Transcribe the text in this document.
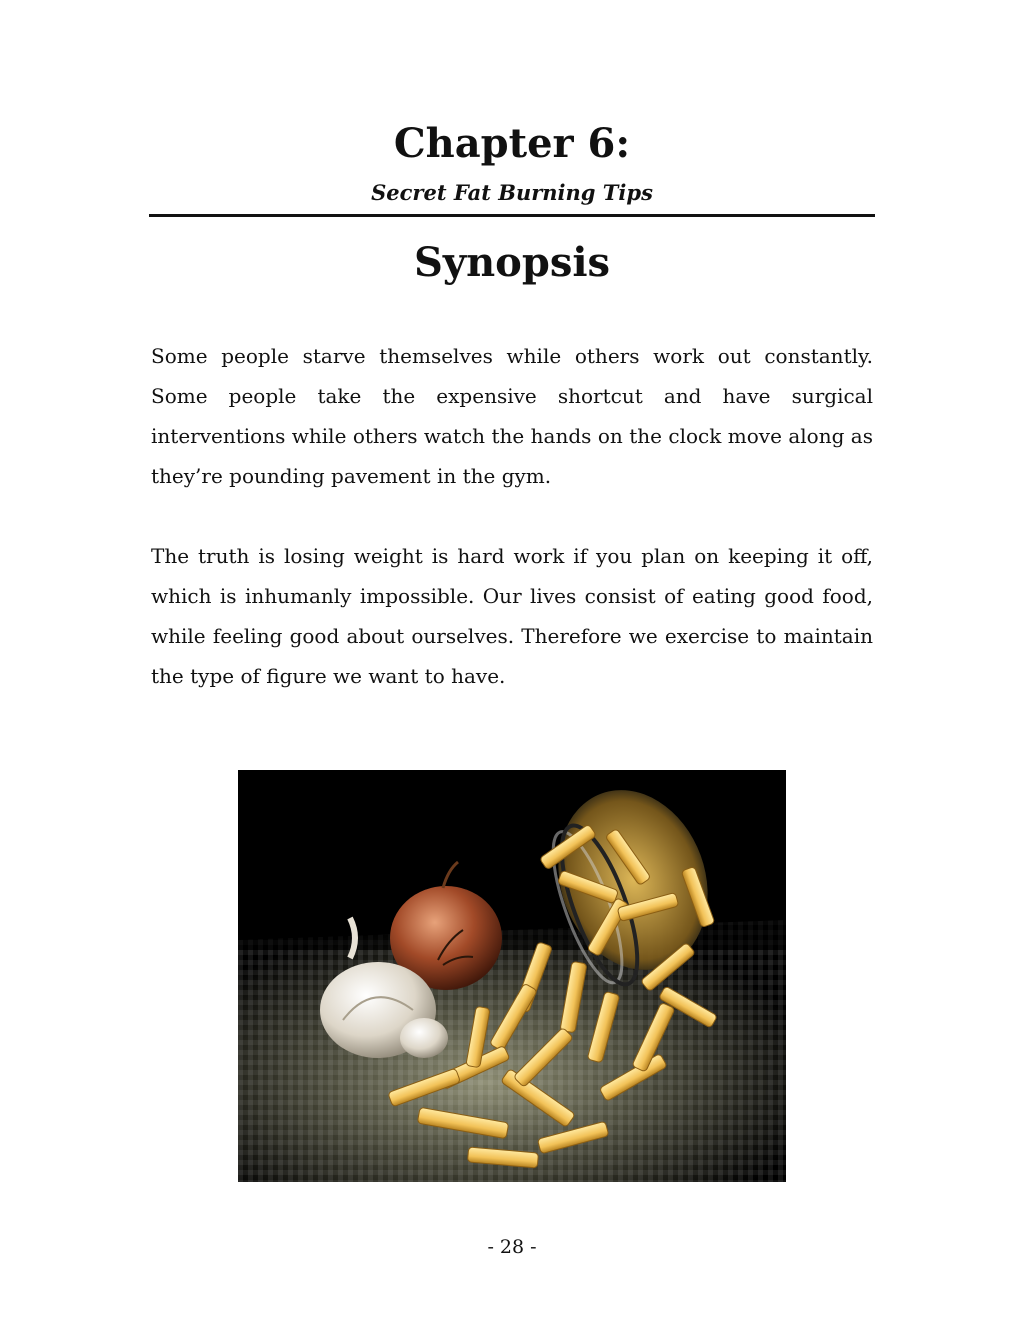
Chapter 6:
Secret Fat Burning Tips
Synopsis

Some people starve themselves while others work out constantly. Some people take the expensive shortcut and have surgical interventions while others watch the hands on the clock move along as they’re pounding pavement in the gym.

The truth is losing weight is hard work if you plan on keeping it off, which is inhumanly impossible. Our lives consist of eating good food, while feeling good about ourselves. Therefore we exercise to maintain the type of figure we want to have.

- 28 -
